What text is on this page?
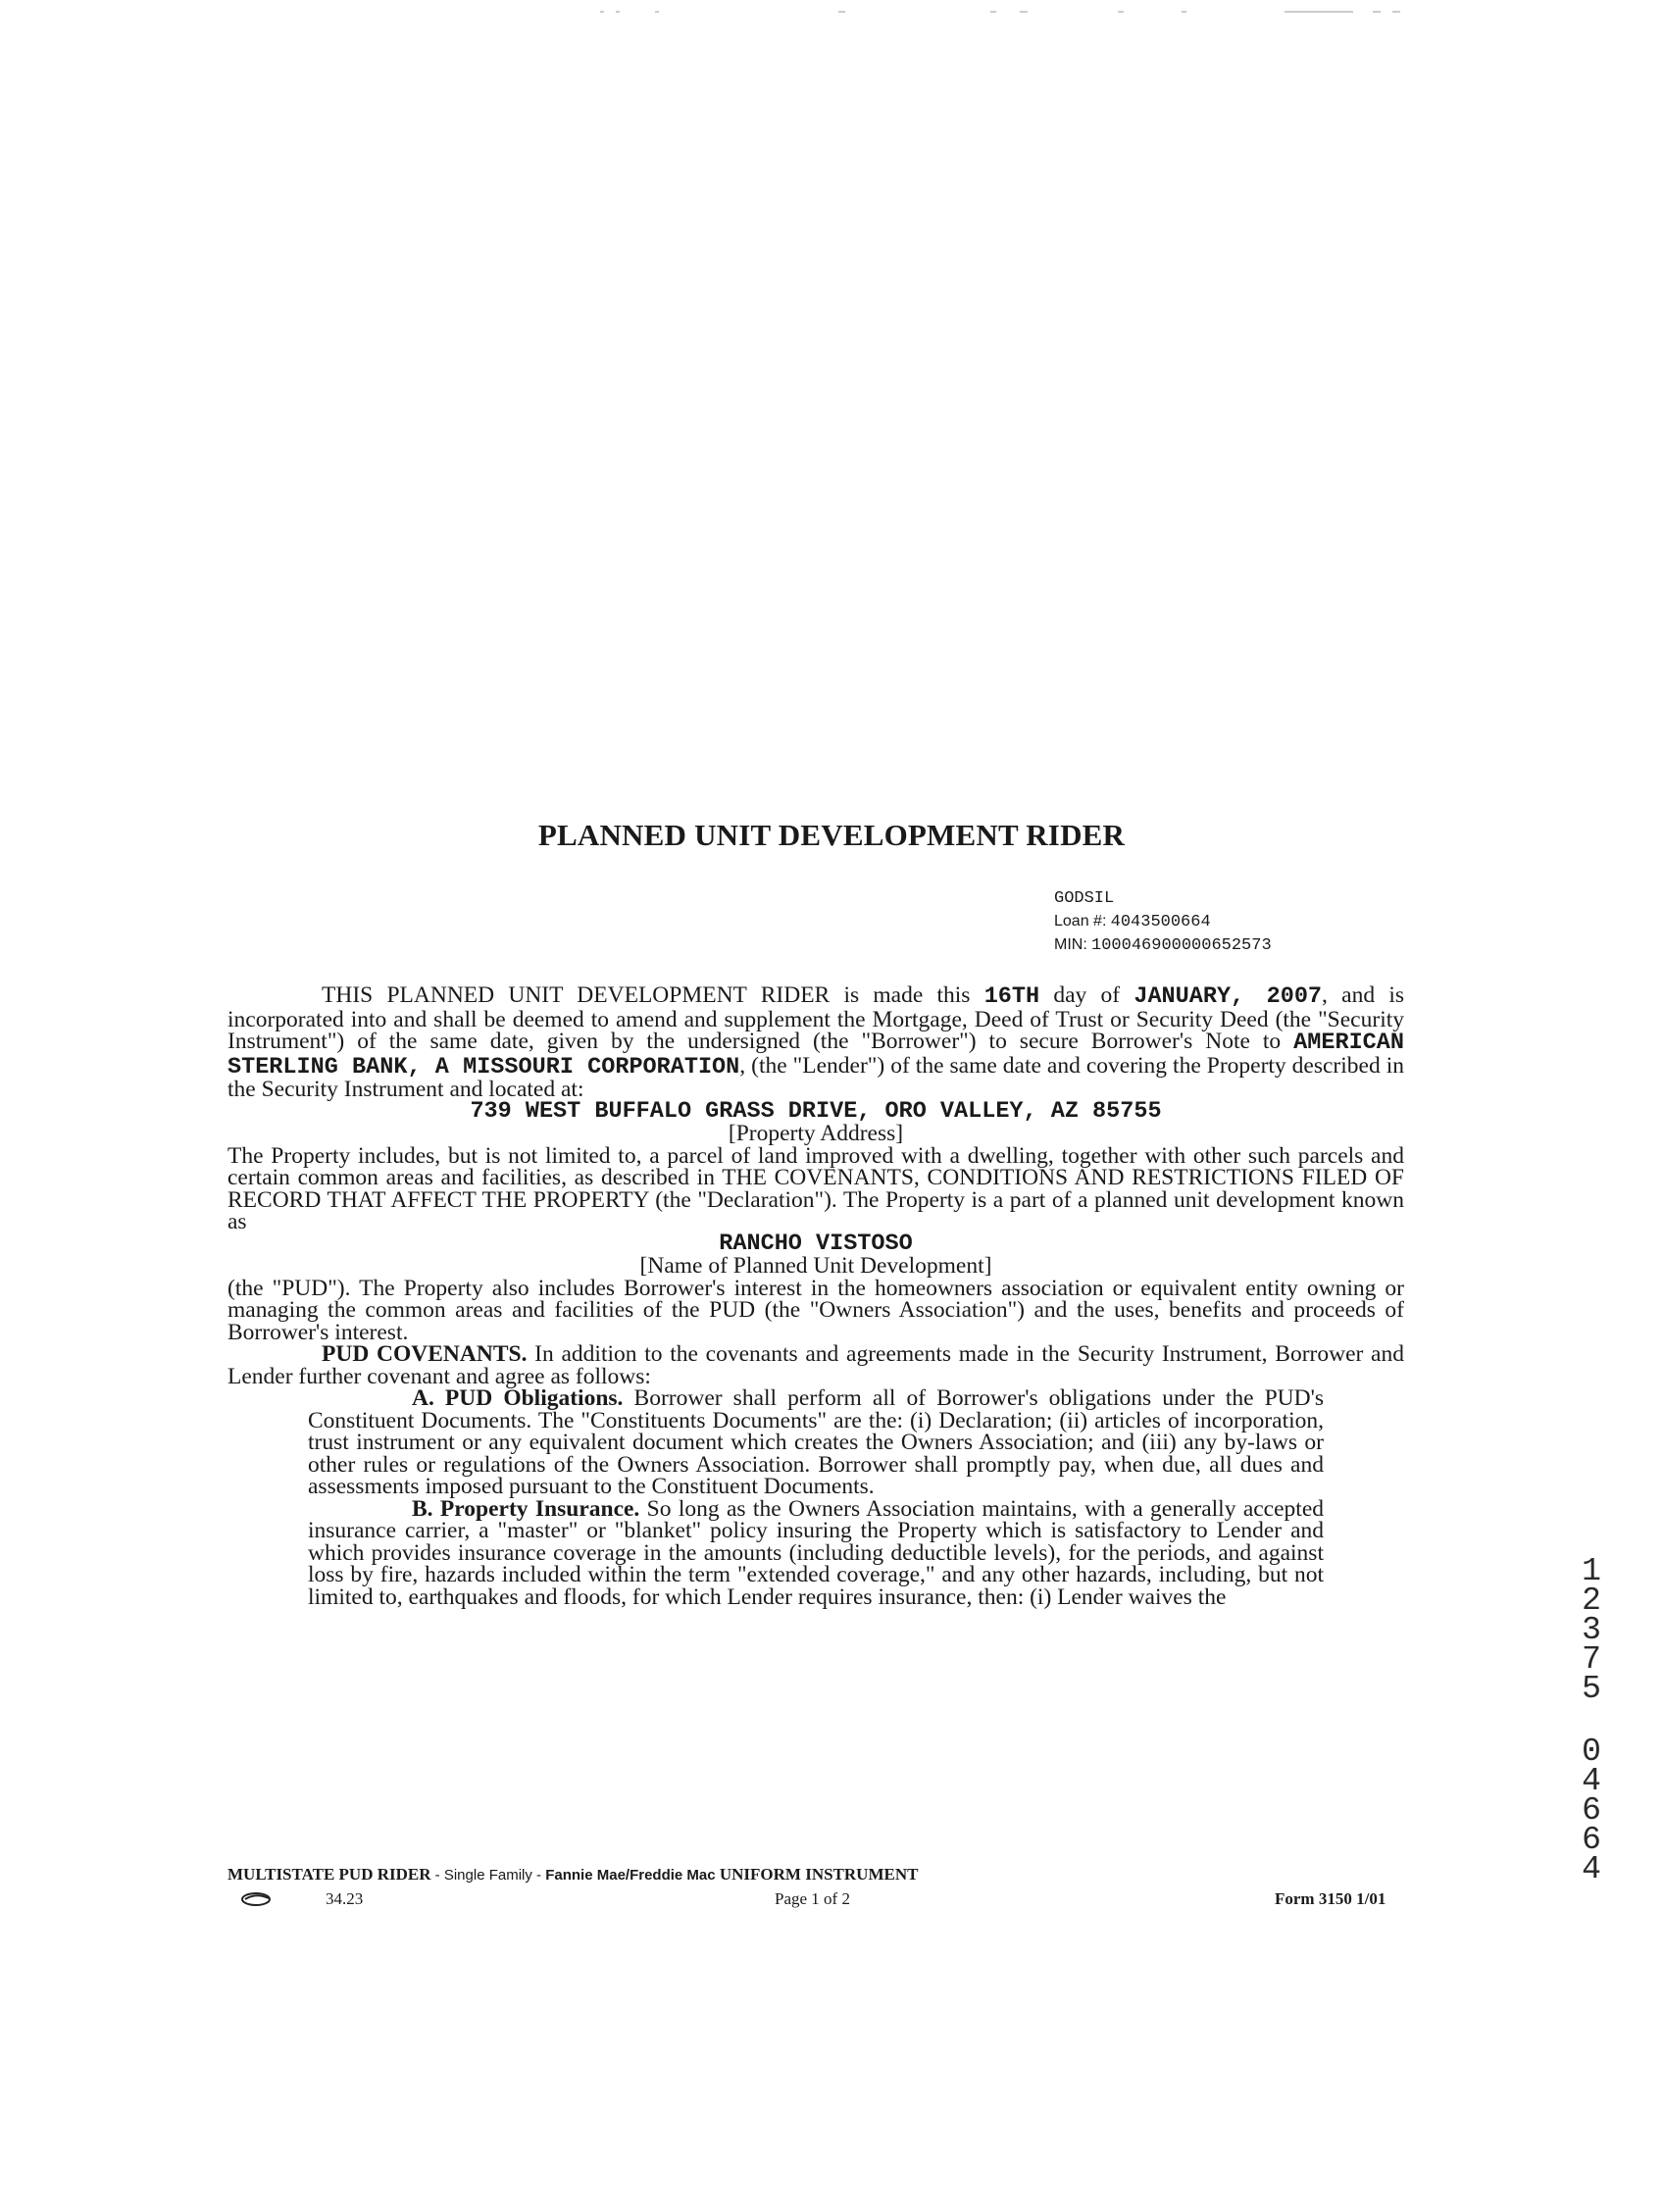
PLANNED UNIT DEVELOPMENT RIDER
GODSIL
Loan #: 4043500664
MIN: 100046900000652573

THIS PLANNED UNIT DEVELOPMENT RIDER is made this 16TH day of JANUARY, 2007, and is incorporated into and shall be deemed to amend and supplement the Mortgage, Deed of Trust or Security Deed (the "Security Instrument") of the same date, given by the undersigned (the "Borrower") to secure Borrower's Note to AMERICAN STERLING BANK, A MISSOURI CORPORATION, (the "Lender") of the same date and covering the Property described in the Security Instrument and located at:

739 WEST BUFFALO GRASS DRIVE, ORO VALLEY, AZ 85755

[Property Address]

The Property includes, but is not limited to, a parcel of land improved with a dwelling, together with other such parcels and certain common areas and facilities, as described in THE COVENANTS, CONDITIONS AND RESTRICTIONS FILED OF RECORD THAT AFFECT THE PROPERTY (the "Declaration"). The Property is a part of a planned unit development known as

RANCHO VISTOSO

[Name of Planned Unit Development]

(the "PUD"). The Property also includes Borrower's interest in the homeowners association or equivalent entity owning or managing the common areas and facilities of the PUD (the "Owners Association") and the uses, benefits and proceeds of Borrower's interest.

PUD COVENANTS. In addition to the covenants and agreements made in the Security Instrument, Borrower and Lender further covenant and agree as follows:

A. PUD Obligations. Borrower shall perform all of Borrower's obligations under the PUD's Constituent Documents. The "Constituents Documents" are the: (i) Declaration; (ii) articles of incorporation, trust instrument or any equivalent document which creates the Owners Association; and (iii) any by-laws or other rules or regulations of the Owners Association. Borrower shall promptly pay, when due, all dues and assessments imposed pursuant to the Constituent Documents.

B. Property Insurance. So long as the Owners Association maintains, with a generally accepted insurance carrier, a "master" or "blanket" policy insuring the Property which is satisfactory to Lender and which provides insurance coverage in the amounts (including deductible levels), for the periods, and against loss by fire, hazards included within the term "extended coverage," and any other hazards, including, but not limited to, earthquakes and floods, for which Lender requires insurance, then: (i) Lender waives the

MULTISTATE PUD RIDER - Single Family - Fannie Mae/Freddie Mac UNIFORM INSTRUMENT
34.23	Page 1 of 2	Form 3150 1/01
1
2
3
7
5
0
4
6
6
4
